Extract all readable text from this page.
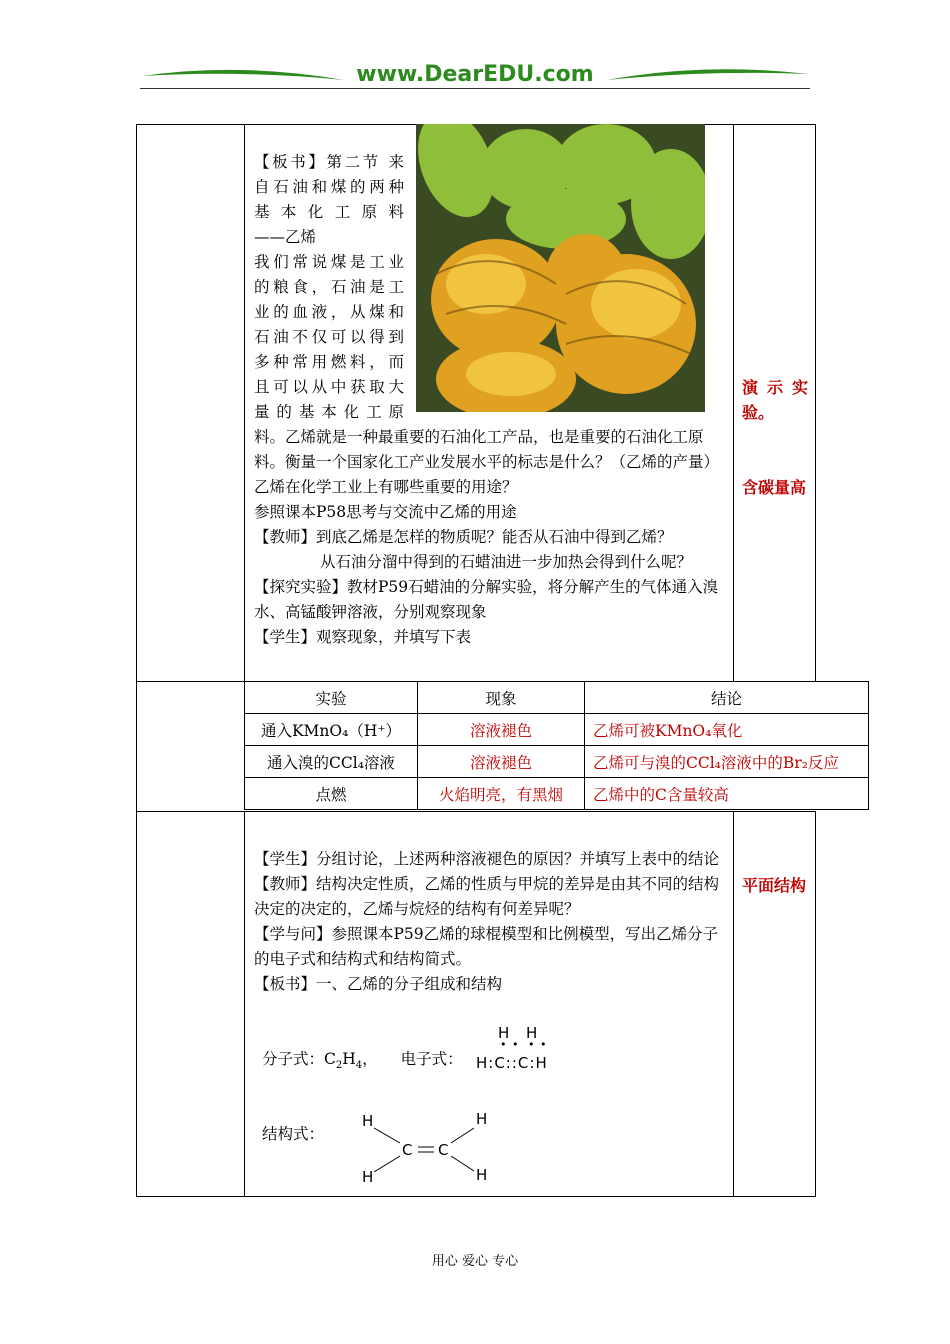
www.DearEDU.com
【板书】第二节 来
自石油和煤的两种
基本化工原料
——乙烯
我们常说煤是工业
的粮食，石油是工
业的血液，从煤和
石油不仅可以得到
多种常用燃料，而
且可以从中获取大
量的基本化工原
料。乙烯就是一种最重要的石油化工产品，也是重要的石油化工原料。衡量一个国家化工产业发展水平的标志是什么？（乙烯的产量）乙烯在化学工业上有哪些重要的用途？
参照课本P58思考与交流中乙烯的用途
【教师】到底乙烯是怎样的物质呢？能否从石油中得到乙烯？
从石油分溜中得到的石蜡油进一步加热会得到什么呢？
【探究实验】教材P59石蜡油的分解实验，将分解产生的气体通入溴水、高锰酸钾溶液，分别观察现象
【学生】观察现象，并填写下表
演示实验。
含碳量高
平面结构
实验	现象	结论
通入KMnO₄（H⁺）	溶液褪色	乙烯可被KMnO₄氧化
通入溴的CCl₄溶液	溶液褪色	乙烯可与溴的CCl₄溶液中的Br₂反应
点燃	火焰明亮，有黑烟	乙烯中的C含量较高
【学生】分组讨论，上述两种溶液褪色的原因？并填写上表中的结论
【教师】结构决定性质，乙烯的性质与甲烷的差异是由其不同的结构决定的决定的，乙烯与烷烃的结构有何差异呢？
【学与问】参照课本P59乙烯的球棍模型和比例模型，写出乙烯分子的电子式和结构式和结构简式。
【板书】一、乙烯的分子组成和结构
分子式：$C_2H_4$， 电子式：
H H
• • • •
H:C::C:H
结构式：
H	H
C C
H	H
用心 爱心 专心
